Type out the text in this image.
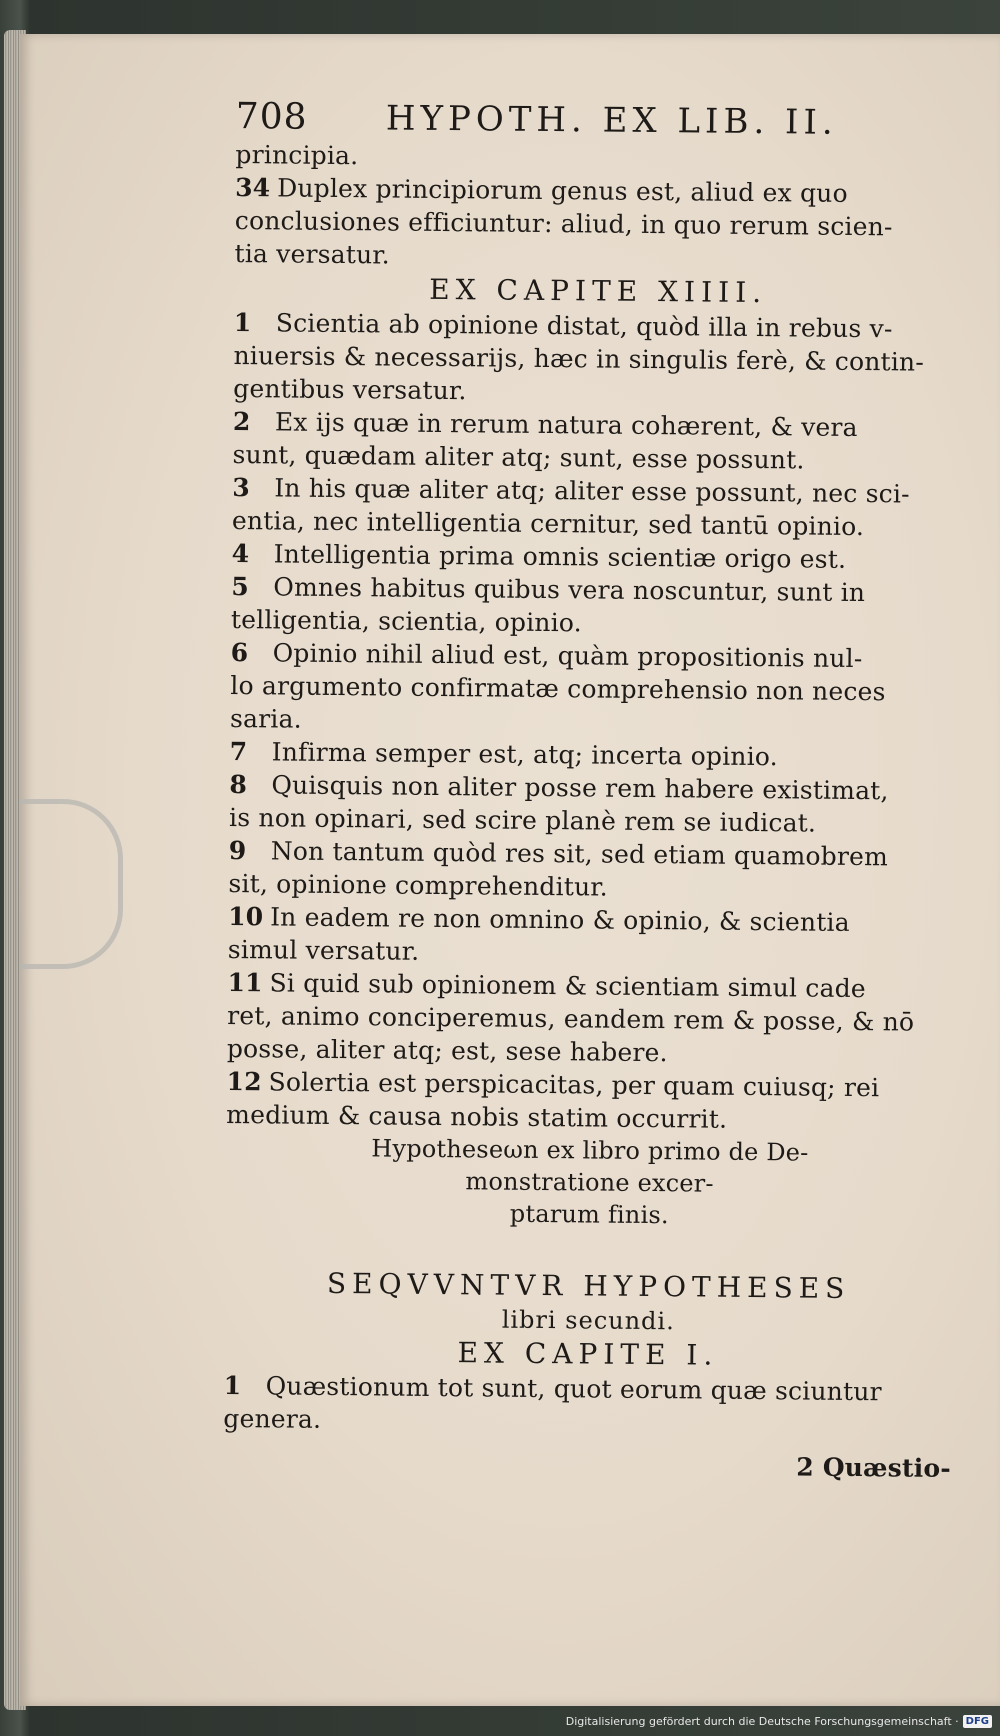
708	HYPOTH. EX LIB. II.
principia.
34 Duplex principiorum genus est, aliud ex quo
conclusiones efficiuntur: aliud, in quo rerum scien-
tia versatur.
EX CAPITE XIIII.
1 Scientia ab opinione distat, quòd illa in rebus v-
niuersis & necessarijs, hæc in singulis ferè, & contin-
gentibus versatur.
2 Ex ijs quæ in rerum natura cohærent, & vera
sunt, quædam aliter atq; sunt, esse possunt.
3 In his quæ aliter atq; aliter esse possunt, nec sci-
entia, nec intelligentia cernitur, sed tantū opinio.
4 Intelligentia prima omnis scientiæ origo est.
5 Omnes habitus quibus vera noscuntur, sunt in
telligentia, scientia, opinio.
6 Opinio nihil aliud est, quàm propositionis nul-
lo argumento confirmatæ comprehensio non neces
saria.
7 Infirma semper est, atq; incerta opinio.
8 Quisquis non aliter posse rem habere existimat,
is non opinari, sed scire planè rem se iudicat.
9 Non tantum quòd res sit, sed etiam quamobrem
sit, opinione comprehenditur.
10 In eadem re non omnino & opinio, & scientia
simul versatur.
11 Si quid sub opinionem & scientiam simul cade
ret, animo conciperemus, eandem rem & posse, & nō
posse, aliter atq; est, sese habere.
12 Solertia est perspicacitas, per quam cuiusq; rei
medium & causa nobis statim occurrit.
Hypotheseωn ex libro primo de De-
monstratione excer-
ptarum finis.
SEQVVNTVR HYPOTHESES
libri secundi.
EX CAPITE I.
1 Quæstionum tot sunt, quot eorum quæ sciuntur
genera.
2 Quæstio-
Digitalisierung gefördert durch die Deutsche Forschungsgemeinschaft · DFG
